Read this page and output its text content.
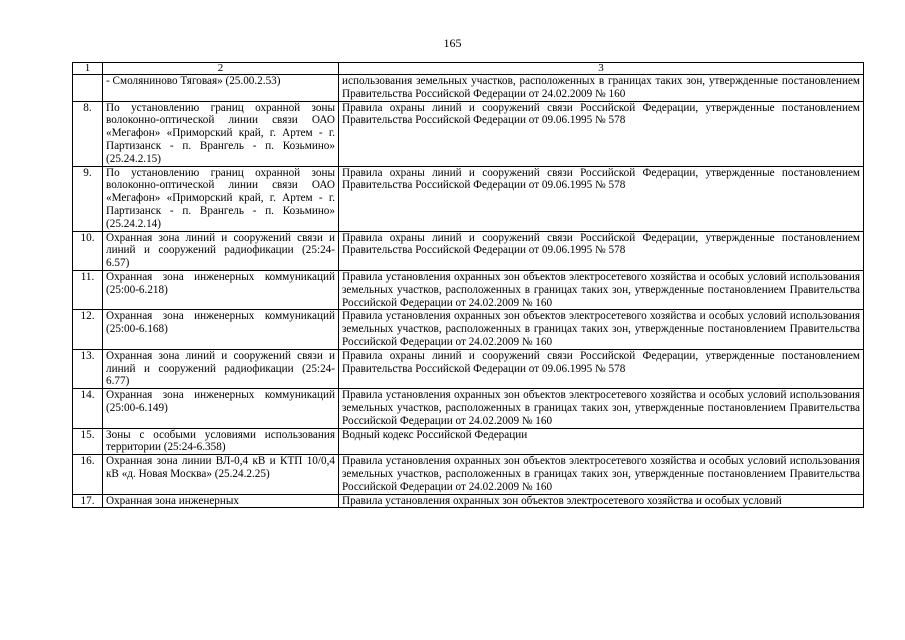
165
1	2	3
	- Смоляниново Тяговая» (25.00.2.53)	использования земельных участков, расположенных в границах таких зон, утвержденные постановлением Правительства Российской Федерации от 24.02.2009 № 160
8.	По установлению границ охранной зоны волоконно-оптической линии связи ОАО «Мегафон» «Приморский край, г. Артем - г. Партизанск - п. Врангель - п. Козьмино» (25.24.2.15)	Правила охраны линий и сооружений связи Российской Федерации, утвержденные постановлением Правительства Российской Федерации от 09.06.1995 № 578
9.	По установлению границ охранной зоны волоконно-оптической линии связи ОАО «Мегафон» «Приморский край, г. Артем - г. Партизанск - п. Врангель - п. Козьмино» (25.24.2.14)	Правила охраны линий и сооружений связи Российской Федерации, утвержденные постановлением Правительства Российской Федерации от 09.06.1995 № 578
10.	Охранная зона линий и сооружений связи и линий и сооружений радиофикации (25:24-6.57)	Правила охраны линий и сооружений связи Российской Федерации, утвержденные постановлением Правительства Российской Федерации от 09.06.1995 № 578
11.	Охранная зона инженерных коммуникаций (25:00-6.218)	Правила установления охранных зон объектов электросетевого хозяйства и особых условий использования земельных участков, расположенных в границах таких зон, утвержденные постановлением Правительства Российской Федерации от 24.02.2009 № 160
12.	Охранная зона инженерных коммуникаций (25:00-6.168)	Правила установления охранных зон объектов электросетевого хозяйства и особых условий использования земельных участков, расположенных в границах таких зон, утвержденные постановлением Правительства Российской Федерации от 24.02.2009 № 160
13.	Охранная зона линий и сооружений связи и линий и сооружений радиофикации (25:24-6.77)	Правила охраны линий и сооружений связи Российской Федерации, утвержденные постановлением Правительства Российской Федерации от 09.06.1995 № 578
14.	Охранная зона инженерных коммуникаций (25:00-6.149)	Правила установления охранных зон объектов электросетевого хозяйства и особых условий использования земельных участков, расположенных в границах таких зон, утвержденные постановлением Правительства Российской Федерации от 24.02.2009 № 160
15.	Зоны с особыми условиями использования территории (25:24-6.358)	Водный кодекс Российской Федерации
16.	Охранная зона линии ВЛ-0,4 кВ и КТП 10/0,4 кВ «д. Новая Москва» (25.24.2.25)	Правила установления охранных зон объектов электросетевого хозяйства и особых условий использования земельных участков, расположенных в границах таких зон, утвержденные постановлением Правительства Российской Федерации от 24.02.2009 № 160
17.	Охранная зона инженерных	Правила установления охранных зон объектов электросетевого хозяйства и особых условий
